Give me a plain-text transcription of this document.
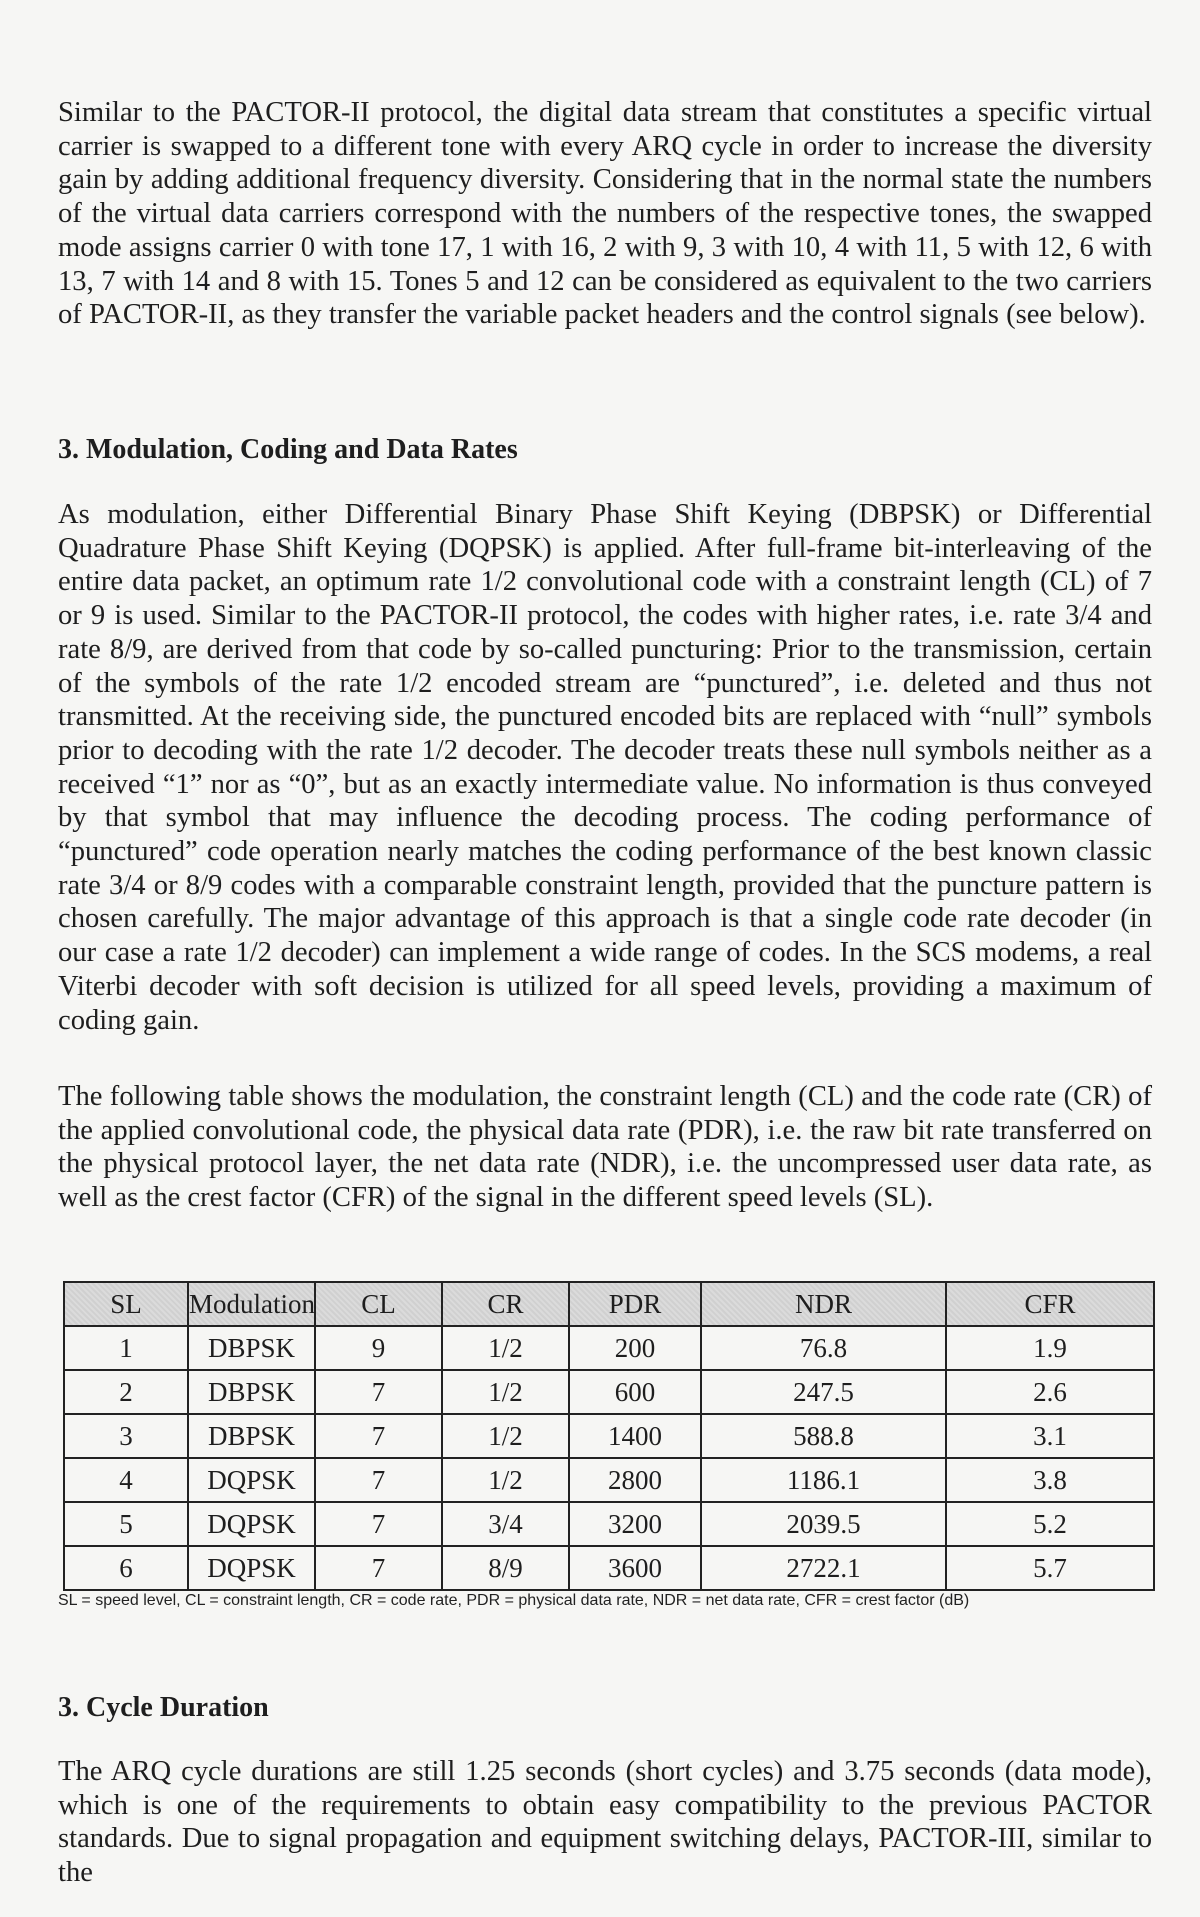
Similar to the PACTOR-II protocol, the digital data stream that constitutes a specific virtual carrier is swapped to a different tone with every ARQ cycle in order to increase the diversity gain by adding additional frequency diversity. Considering that in the normal state the numbers of the virtual data carriers correspond with the numbers of the respective tones, the swapped mode assigns carrier 0 with tone 17, 1 with 16, 2 with 9, 3 with 10, 4 with 11, 5 with 12, 6 with 13, 7 with 14 and 8 with 15. Tones 5 and 12 can be considered as equivalent to the two carriers of PACTOR-II, as they transfer the variable packet headers and the control signals (see below).

3. Modulation, Coding and Data Rates

As modulation, either Differential Binary Phase Shift Keying (DBPSK) or Differential Quadrature Phase Shift Keying (DQPSK) is applied. After full-frame bit-interleaving of the entire data packet, an optimum rate 1/2 convolutional code with a constraint length (CL) of 7 or 9 is used. Similar to the PACTOR-II protocol, the codes with higher rates, i.e. rate 3/4 and rate 8/9, are derived from that code by so-called puncturing: Prior to the transmission, certain of the symbols of the rate 1/2 encoded stream are “punctured”, i.e. deleted and thus not transmitted. At the receiving side, the punctured encoded bits are replaced with “null” symbols prior to decoding with the rate 1/2 decoder. The decoder treats these null symbols neither as a received “1” nor as “0”, but as an exactly intermediate value. No information is thus conveyed by that symbol that may influence the decoding process. The coding performance of “punctured” code operation nearly matches the coding performance of the best known classic rate 3/4 or 8/9 codes with a comparable constraint length, provided that the puncture pattern is chosen carefully. The major advantage of this approach is that a single code rate decoder (in our case a rate 1/2 decoder) can implement a wide range of codes. In the SCS modems, a real Viterbi decoder with soft decision is utilized for all speed levels, providing a maximum of coding gain.

The following table shows the modulation, the constraint length (CL) and the code rate (CR) of the applied convolutional code, the physical data rate (PDR), i.e. the raw bit rate transferred on the physical protocol layer, the net data rate (NDR), i.e. the uncompressed user data rate, as well as the crest factor (CFR) of the signal in the different speed levels (SL).

SL	Modulation	CL	CR	PDR	NDR	CFR
1	DBPSK	9	1/2	200	76.8	1.9
2	DBPSK	7	1/2	600	247.5	2.6
3	DBPSK	7	1/2	1400	588.8	3.1
4	DQPSK	7	1/2	2800	1186.1	3.8
5	DQPSK	7	3/4	3200	2039.5	5.2
6	DQPSK	7	8/9	3600	2722.1	5.7
SL = speed level, CL = constraint length, CR = code rate, PDR = physical data rate, NDR = net data rate, CFR = crest factor (dB)
3. Cycle Duration

The ARQ cycle durations are still 1.25 seconds (short cycles) and 3.75 seconds (data mode), which is one of the requirements to obtain easy compatibility to the previous PACTOR standards. Due to signal propagation and equipment switching delays, PACTOR-III, similar to the
